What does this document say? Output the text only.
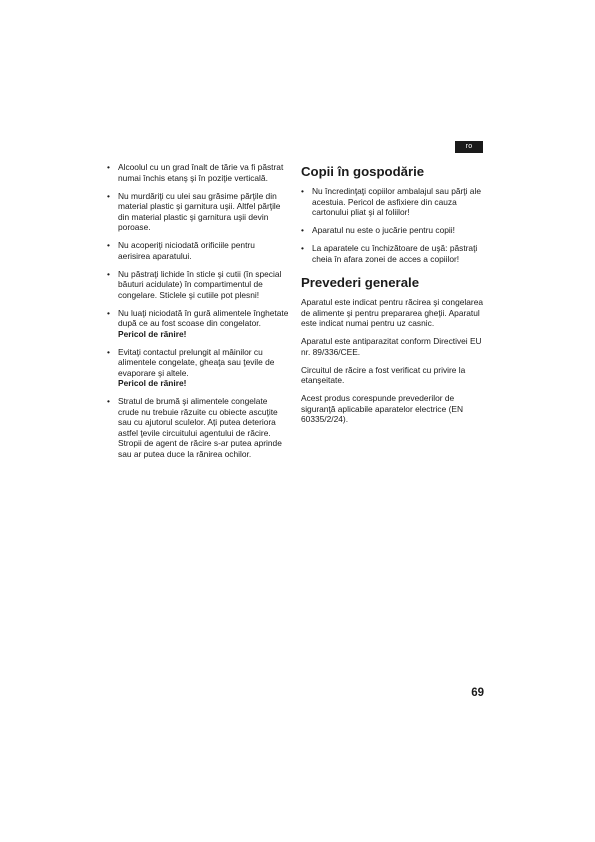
ro
• Alcoolul cu un grad înalt de tărie va fi păstrat numai închis etanş şi în poziţie verticală.
• Nu murdăriţi cu ulei sau grăsime părţile din material plastic şi garnitura uşii. Altfel părţile din material plastic şi garnitura uşii devin poroase.
• Nu acoperiţi niciodată orificiile pentru aerisirea aparatului.
• Nu păstraţi lichide în sticle şi cutii (în special băuturi acidulate) în compartimentul de congelare. Sticlele şi cutiile pot plesni!
• Nu luaţi niciodată în gură alimentele înghetate după ce au fost scoase din congelator.
Pericol de rănire!
• Evitaţi contactul prelungit al mâinilor cu alimentele congelate, gheaţa sau ţevile de evaporare şi altele.
Pericol de rănire!
• Stratul de brumă şi alimentele congelate crude nu trebuie răzuite cu obiecte ascuţite sau cu ajutorul sculelor. Ați putea deteriora astfel ţevile circuitului agentului de răcire. Stropii de agent de răcire s-ar putea aprinde sau ar putea duce la rănirea ochilor.
Copii în gospodărie
• Nu încredinţaţi copiilor ambalajul sau părţi ale acestuia. Pericol de asfixiere din cauza cartonului pliat şi al foliilor!
• Aparatul nu este o jucărie pentru copii!
• La aparatele cu închizătoare de uşă: păstraţi cheia în afara zonei de acces a copiilor!
Prevederi generale

Aparatul este indicat pentru răcirea şi congelarea de alimente şi pentru prepararea gheţii. Aparatul este indicat numai pentru uz casnic.

Aparatul este antiparazitat conform Directivei EU nr. 89/336/CEE.

Circuitul de răcire a fost verificat cu privire la etanşeitate.

Acest produs corespunde prevederilor de siguranţă aplicabile aparatelor electrice (EN 60335/2/24).

69
